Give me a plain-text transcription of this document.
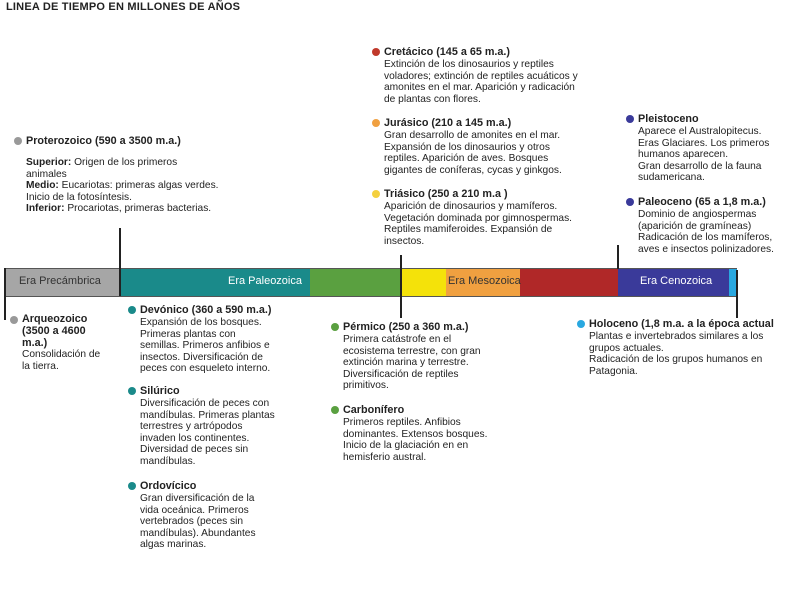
LINEA DE TIEMPO EN MILLONES DE AÑOS
Era Precámbrica	Era Paleozoica	Era Mesozoica	Era Cenozoica
Proterozoico (590 a 3500 m.a.)
Superior: Origen de los primeros animales
Medio: Eucariotas: primeras algas verdes. Inicio de la fotosíntesis.
Inferior: Procariotas, primeras bacterias.
Cretácico (145 a 65 m.a.)
Extinción de los dinosaurios y reptiles
voladores; extinción de reptiles acuáticos y
amonites en el mar. Aparición y radicación
de plantas con flores.
Jurásico (210 a 145 m.a.)
Gran desarrollo de amonites en el mar.
Expansión de los dinosaurios y otros
reptiles. Aparición de aves. Bosques
gigantes de coníferas, cycas y ginkgos.
Triásico (250 a 210 m.a )
Aparición de dinosaurios y mamíferos.
Vegetación dominada por gimnospermas.
Reptiles mamiferoides. Expansión de
insectos.
Pleistoceno
Aparece el Australopitecus.
Eras Glaciares. Los primeros
humanos aparecen.
Gran desarrollo de la fauna
sudamericana.
Paleoceno (65 a 1,8 m.a.)
Dominio de angiospermas
(aparición de gramíneas)
Radicación de los mamíferos,
aves e insectos polinizadores.
Arqueozoico
(3500 a 4600
m.a.)
Consolidación de
la tierra.
Devónico (360 a 590 m.a.)
Expansión de los bosques.
Primeras plantas con
semillas. Primeros anfibios e
insectos. Diversificación de
peces con esqueleto interno.
Silúrico
Diversificación de peces con
mandíbulas. Primeras plantas
terrestres y artrópodos
invaden los continentes.
Diversidad de peces sin
mandíbulas.
Ordovícico
Gran diversificación de la
vida oceánica. Primeros
vertebrados (peces sin
mandíbulas). Abundantes
algas marinas.
Pérmico (250 a 360 m.a.)
Primera catástrofe en el
ecosistema terrestre, con gran
extinción marina y terrestre.
Diversificación de reptiles
primitivos.
Carbonífero
Primeros reptiles. Anfibios
dominantes. Extensos bosques.
Inicio de la glaciación en en
hemisferio austral.
Holoceno (1,8 m.a. a la época actual
Plantas e invertebrados similares a los
grupos actuales.
Radicación de los grupos humanos en
Patagonia.
